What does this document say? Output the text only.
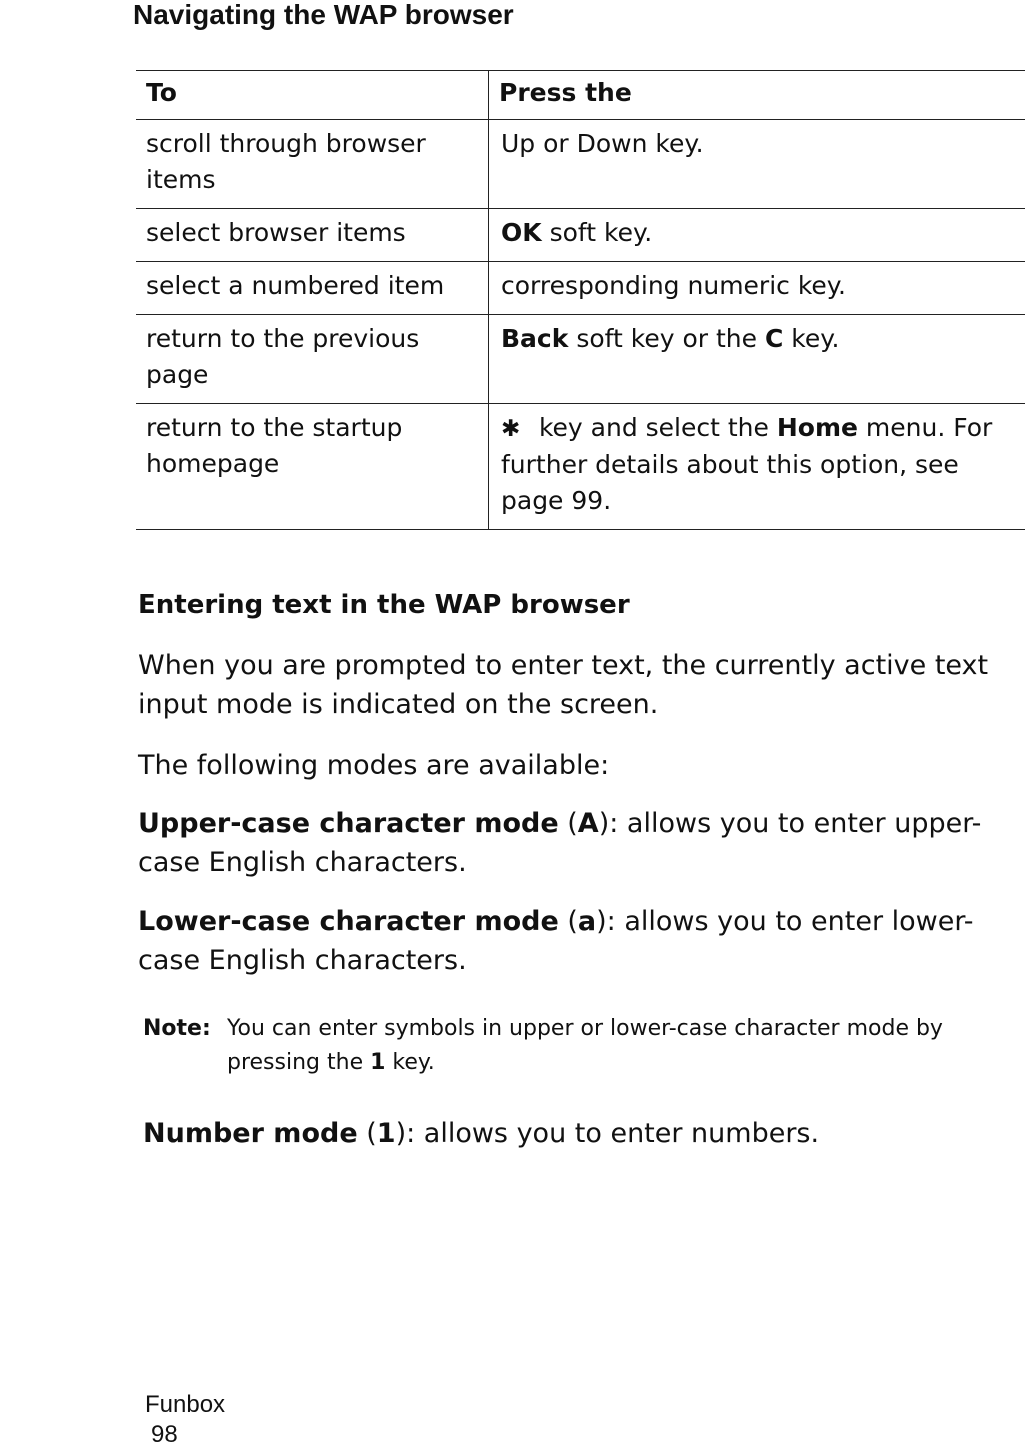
Navigating the WAP browser
To	Press the
scroll through browser items	Up or Down key.
select browser items	OK soft key.
select a numbered item	corresponding numeric key.
return to the previous page	Back soft key or the C key.
return to the startup homepage	✱ key and select the Home menu. For further details about this option, see page 99.
Entering text in the WAP browser

When you are prompted to enter text, the currently active text input mode is indicated on the screen.

The following modes are available:

Upper-case character mode (A): allows you to enter upper-case English characters.

Lower-case character mode (a): allows you to enter lower-case English characters.

Note: You can enter symbols in upper or lower-case character mode by pressing the 1 key.

Number mode (1): allows you to enter numbers.

Funbox
98
